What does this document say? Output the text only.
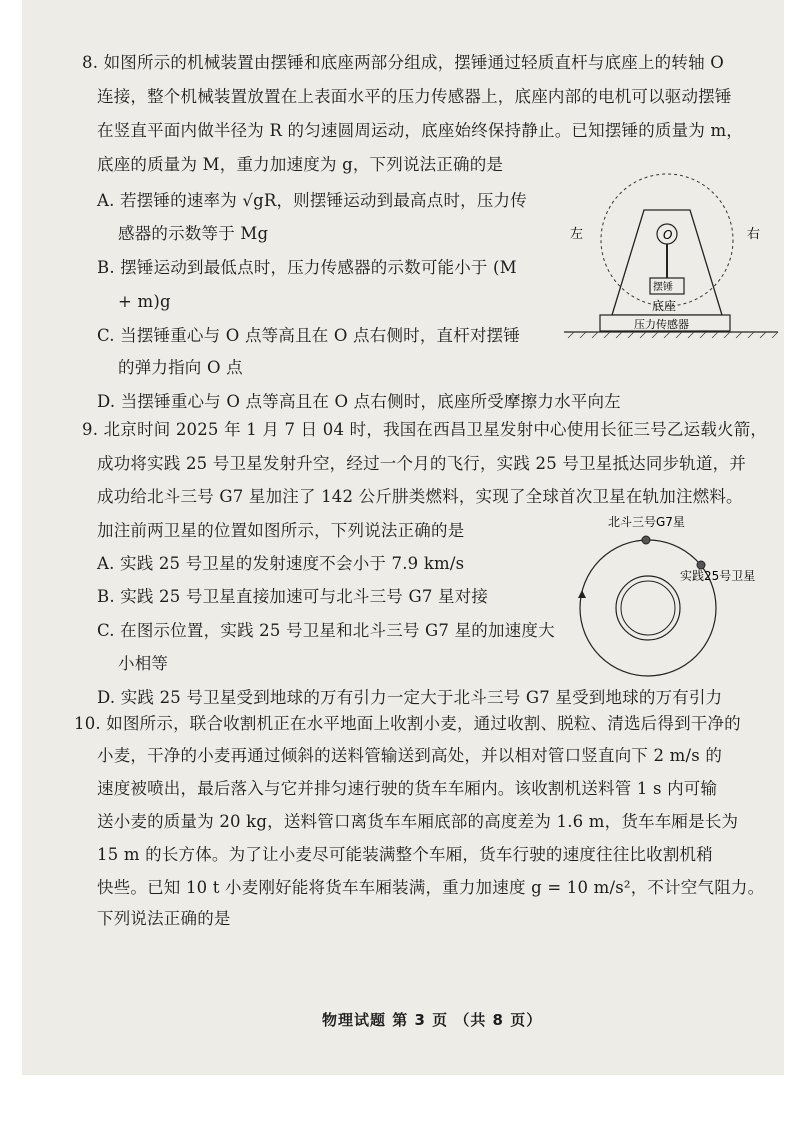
8. 如图所示的机械装置由摆锤和底座两部分组成，摆锤通过轻质直杆与底座上的转轴 O
连接，整个机械装置放置在上表面水平的压力传感器上，底座内部的电机可以驱动摆锤
在竖直平面内做半径为 R 的匀速圆周运动，底座始终保持静止。已知摆锤的质量为 m，
底座的质量为 M，重力加速度为 g，下列说法正确的是
A. 若摆锤的速率为 √gR，则摆锤运动到最高点时，压力传
感器的示数等于 Mg
B. 摆锤运动到最低点时，压力传感器的示数可能小于 (M
+ m)g
C. 当摆锤重心与 O 点等高且在 O 点右侧时，直杆对摆锤
的弹力指向 O 点
D. 当摆锤重心与 O 点等高且在 O 点右侧时，底座所受摩擦力水平向左
O
摆锤
底座
压力传感器
左	右
9. 北京时间 2025 年 1 月 7 日 04 时，我国在西昌卫星发射中心使用长征三号乙运载火箭，
成功将实践 25 号卫星发射升空，经过一个月的飞行，实践 25 号卫星抵达同步轨道，并
成功给北斗三号 G7 星加注了 142 公斤肼类燃料，实现了全球首次卫星在轨加注燃料。
加注前两卫星的位置如图所示，下列说法正确的是
A. 实践 25 号卫星的发射速度不会小于 7.9 km/s
B. 实践 25 号卫星直接加速可与北斗三号 G7 星对接
C. 在图示位置，实践 25 号卫星和北斗三号 G7 星的加速度大
小相等
D. 实践 25 号卫星受到地球的万有引力一定大于北斗三号 G7 星受到地球的万有引力
北斗三号G7星
实践25号卫星
10. 如图所示，联合收割机正在水平地面上收割小麦，通过收割、脱粒、清选后得到干净的
小麦，干净的小麦再通过倾斜的送料管输送到高处，并以相对管口竖直向下 2 m/s 的
速度被喷出，最后落入与它并排匀速行驶的货车车厢内。该收割机送料管 1 s 内可输
送小麦的质量为 20 kg，送料管口离货车车厢底部的高度差为 1.6 m，货车车厢是长为
15 m 的长方体。为了让小麦尽可能装满整个车厢，货车行驶的速度往往比收割机稍
快些。已知 10 t 小麦刚好能将货车车厢装满，重力加速度 g = 10 m/s²，不计空气阻力。
下列说法正确的是
物理试题 第 3 页 （共 8 页）
